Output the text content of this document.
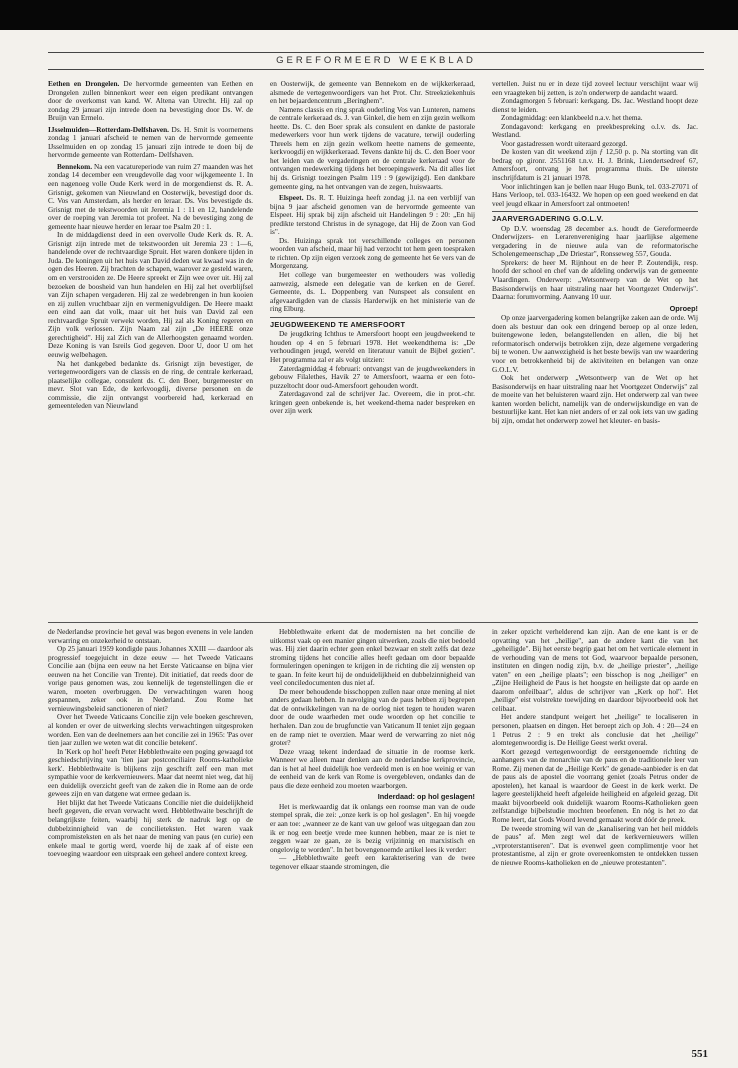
GEREFORMEERD WEEKBLAD

Eethen en Drongelen. De hervormde gemeenten van Eethen en Drongelen zullen binnenkort weer een eigen predikant ontvangen door de overkomst van kand. W. Altena van Utrecht. Hij zal op zondag 29 januari zijn intrede doen na bevestiging door Ds. W. de Bruijn van Ermelo.

IJsselmuiden—Rotterdam-Delfshaven. Ds. H. Smit is voornemens zondag 1 januari afscheid te nemen van de hervormde gemeente IJsselmuiden en op zondag 15 januari zijn intrede te doen bij de hervormde gemeente van Rotterdam- Delfshaven.

Bennekom. Na een vacatureperiode van ruim 27 maanden was het zondag 14 december een vreugdevolle dag voor wijkgemeente 1. In een nagenoeg volle Oude Kerk werd in de morgendienst ds. R. A. Grisnigt, gekomen van Nieuwland en Oosterwijk, bevestigd door ds. C. Vos van Amsterdam, als herder en leraar. Ds. Vos bevestigde ds. Grisnigt met de tekstwoorden uit Jeremia 1 : 11 en 12, handelende over de roeping van Jeremia tot profeet. Na de bevestiging zong de gemeente haar nieuwe herder en leraar toe Psalm 20 : 1.

In de middagdienst deed in een overvolle Oude Kerk ds. R. A. Grisnigt zijn intrede met de tekstwoorden uit Jeremia 23 : 1—6, handelende over de rechtvaardige Spruit. Het waren donkere tijden in Juda. De koningen uit het huis van David deden wat kwaad was in de ogen des Heeren. Zij brachten de schapen, waarover ze gesteld waren, om en verstrooiden ze. De Heere spreekt er Zijn wee over uit. Hij zal bezoeken de boosheid van hun handelen en Hij zal het overblijfsel van Zijn schapen vergaderen. Hij zal ze wedebrengen in hun kooien en zij zullen vruchtbaar zijn en vermenigvuldigen. De Heere maakt een eind aan dat volk, maar uit het huis van David zal een rechtvaardige Spruit verwekt worden, Hij zal als Koning regeren en Zijn volk verlossen. Zijn Naam zal zijn „De HEERE onze gerechtigheid". Hij zal Zich van de Allerhoogsten genaamd worden. Deze Koning is van Isreils God gegeven. Door U, door U om het eeuwig welbehagen.

Na het dankgebed bedankte ds. Grisnigt zijn bevestiger, de vertegenwoordigers van de classis en de ring, de centrale kerkeraad, plaatselijke collegae, consulent ds. C. den Boer, burgemeester en mevr. Slot van Ede, de kerkvoogdij, diverse personen en de commissie, die zijn ontvangst voorbereid had, kerkeraad en gemeenteleden van Nieuwland

en Oosterwijk, de gemeente van Bennekom en de wijkkerkeraad, alsmede de vertegenwoordigers van het Prot. Chr. Streekziekenhuis en het bejaardencentrum „Beringhem".

Namens classis en ring sprak ouderling Vos van Lunteren, namens de centrale kerkeraad ds. J. van Ginkel, die hem en zijn gezin welkom heette. Ds. C. den Boer sprak als consulent en dankte de pastorale medewerkers voor hun werk tijdens de vacature, terwijl ouderling Threels hem en zijn gezin welkom heette namens de gemeente, kerkvoogdij en wijkkerkeraad. Tevens dankte hij ds. C. den Boer voor het leiden van de vergaderingen en de centrale kerkeraad voor de ontvangen medewerking tijdens het beroepingswerk. Na dit alles liet hij ds. Grisnigt toezingen Psalm 119 : 9 (gewijzigd). Een dankbare gemeente ging, na het ontvangen van de zegen, huiswaarts.

Elspeet. Ds. R. T. Huizinga heeft zondag j.l. na een verblijf van bijna 9 jaar afscheid genomen van de hervormde gemeente van Elspeet. Hij sprak bij zijn afscheid uit Handelingen 9 : 20: „En hij predikte terstond Christus in de synagoge, dat Hij de Zoon van God is".

Ds. Huizinga sprak tot verschillende colleges en personen woorden van afscheid, maar hij had verzocht tot hem geen toespraken te richten. Op zijn eigen verzoek zong de gemeente het 6e vers van de Morgenzang.

Het college van burgemeester en wethouders was volledig aanwezig, alsmede een delegatie van de kerken en de Geref. Gemeente, ds. L. Doppenberg van Nunspeet als consulent en afgevaardigden van de classis Harderwijk en het ministerie van de ring Elburg.

JEUGDWEEKEND TE AMERSFOORT

De jeugdkring Ichthus te Amersfoort hoopt een jeugdweekend te houden op 4 en 5 februari 1978. Het weekendthema is: „De verhoudingen jeugd, wereld en literatuur vanuit de Bijbel gezien". Het programma zal er als volgt uitzien:

Zaterdagmiddag 4 februari: ontvangst van de jeugdweekenders in gebouw Filalethes, Havik 27 te Amersfoort, waarna er een foto-puzzeltocht door oud-Amersfoort gehouden wordt.

Zaterdagavond zal de schrijver Jac. Overeem, die in prot.-chr. kringen geen onbekende is, het weekend-thema nader bespreken en over zijn werk

vertellen. Juist nu er in deze tijd zoveel lectuur verschijnt waar wij een vraagteken bij zetten, is zo'n onderwerp de aandacht waard.

Zondagmorgen 5 februari: kerkgang. Ds. Jac. Westland hoopt deze dienst te leiden.

Zondagmiddag: een klankbeeld n.a.v. het thema.

Zondagavond: kerkgang en preekbespreking o.l.v. ds. Jac. Westland.

Voor gastadressen wordt uiteraard gezorgd.

De kosten van dit weekend zijn ƒ 12,50 p. p. Na storting van dit bedrag op gironr. 2551168 t.n.v. H. J. Brink, Liendertsedreef 67, Amersfoort, ontvang je het programma thuis. De uiterste inschrijfdatum is 21 januari 1978.

Voor inlichtingen kan je bellen naar Hugo Bunk, tel. 033-27071 of Hans Verloop, tel. 033-16432. We hopen op een goed weekend en dat veel jeugd elkaar in Amersfoort zal ontmoeten!

JAARVERGADERING G.O.L.V.

Op D.V. woensdag 28 december a.s. houdt de Gereformeerde Onderwijzers- en Lerarenvereniging haar jaarlijkse algemene vergadering in de nieuwe aula van de reformatorische Scholengemeenschap „De Driestar", Ronsseweg 557, Gouda.

Sprekers: de heer M. Rijnhout en de heer P. Zoutendijk, resp. hoofd der school en chef van de afdeling onderwijs van de gemeente Vlaardingen. Onderwerp: „Wetsontwerp van de Wet op het Basisonderwijs en haar uitstraling naar het Voortgezet Onderwijs". Daarna: forumvorming. Aanvang 10 uur.

Oproep!

Op onze jaarvergadering komen belangrijke zaken aan de orde. Wij doen als bestuur dan ook een dringend beroep op al onze leden, buitengewone leden, belangstellenden en allen, die bij het reformatorisch onderwijs betrokken zijn, deze algemene vergadering bij te wonen. Uw aanwezigheid is het beste bewijs van uw waardering voor en betrokkenheid bij de aktiviteiten en belangen van onze G.O.L.V.

Ook het onderwerp „Wetsontwerp van de Wet op het Basisonderwijs en haar uitstraling naar het Voortgezet Onderwijs" zal de moeite van het beluisteren waard zijn. Het onderwerp zal van twee kanten worden belicht, namelijk van de onderwijskundige en van de bestuurlijke kant. Het kan niet anders of er zal ook iets van uw gading bij zijn, omdat het onderwerp zowel het kleuter- en basis-

de Nederlandse provincie het geval was begon evenens in vele landen verwarring en onzekerheid te ontstaan.

Op 25 januari 1959 kondigde paus Johannes XXIII — daardoor als progressief toegejuicht in deze eeuw — het Tweede Vaticaans Concilie aan (bijna een eeuw na het Eerste Vaticaanse en bijna vier eeuwen na het Concilie van Trente). Dit initiatief, dat reeds door de vorige paus genomen was, zou kennelijk de tegenstellingen die er waren, moeten overbruggen. De verwachtingen waren hoog gespannen, zeker ook in Nederland. Zou Rome het vernieuwingsbeleid sanctioneren of niet?

Over het Tweede Vaticaans Concilie zijn vele boeken geschreven, al konden er over de uitwerking slechts verwachtingen uitgesproken worden. Een van de deelnemers aan het concilie zei in 1965: 'Pas over tien jaar zullen we weten wat dit concilie betekent'.

In 'Kerk op hol' heeft Peter Hebblethwaite een poging gewaagd tot geschiedschrijving van 'tien jaar postconciliaire Rooms-katholieke kerk'. Hebblethwaite is blijkens zijn geschrift zelf een man met sympathie voor de kerkvernieuwers. Maar dat neemt niet weg, dat hij een duidelijk overzicht geeft van de zaken die in Rome aan de orde gewees zijn en van datgene wat ermee gedaan is.

Het blijkt dat het Tweede Vaticaans Concilie niet die duidelijkheid heeft gegeven, die ervan verwacht werd. Hebblethwaite beschrijft de belangrijkste feiten, waarbij hij sterk de nadruk legt op de dubbelzinnigheid van de concilieteksten. Het waren vaak compromisteksten en als het naar de mening van paus (en curie) een enkele maal te gortig werd, voerde hij de zaak af of eiste een toevoeging waardoor een uitspraak een geheel andere context kreeg.

Hebblethwaite erkent dat de modernisten na het concilie de uitkomst vaak op een manier gingen uitwerken, zoals die niet bedoeld was. Hij ziet daarin echter geen enkel bezwaar en stelt zelfs dat deze stroming tijdens het concilie alles heeft gedaan om door bepaalde formuleringen openingen te krijgen in de richting die zij wensten op te gaan. In feite keurt hij de onduidelijkheid en dubbelzinnigheid van veel conciledocumenten dus niet af.

De meer behoudende bisschoppen zullen naar onze mening al niet anders gedaan hebben. In navolging van de paus hebben zij begrepen dat de ontwikkelingen van na de oorlog niet tegen te houden waren door de oude waarheden met oude woorden op het concilie te herhalen. Dan zou de brugfunctie van Vaticanum II teniet zijn gegaan en de ramp niet te overzien. Maar werd de verwarring zo niet nóg groter?

Deze vraag tekent inderdaad de situatie in de roomse kerk. Wanneer we alleen maar denken aan de nederlandse kerkprovincie, dan is het al heel duidelijk hoe verdeeld men is en hoe weinig er van de eenheid van de kerk van Rome is overgebleven, ondanks dan de paus die deze eenheid zou moeten waarborgen.

Inderdaad: op hol geslagen!

Het is merkwaardig dat ik onlangs een roomse man van de oude stempel sprak, die zei: „onze kerk is op hol geslagen". En hij voegde er aan toe: „wanneer ze de kant van uw geloof was uitgegaan dan zou ik er nog een beetje vrede mee kunnen hebben, maar ze is niet te zeggen waar ze gaan, ze is bezig vrijzinnig en marxistisch en ongelovig te worden". In het bovengenoemde artikel lees ik verder:

— „Hebblethwaite geeft een karakterisering van de twee tegenover elkaar staande stromingen, die

in zeker opzicht verhelderend kan zijn. Aan de ene kant is er de opvatting van het „heilige", aan de andere kant die van het „geheiligde". Bij het eerste begrip gaat het om het verticale element in de verhouding van de mens tot God, waarvoor bepaalde personen, instituten en dingen nodig zijn, b.v. de „heilige priester", „heilige vaten" en een „heilige plaats"; een bisschop is nog „heiliger" en „Zijne Heiligheid de Paus is het hoogste en heiligste dat op aarde en daarom onfeilbaar", aldus de schrijver van „Kerk op hol". Het „heilige" eist volstrekte toewijding en daardoor bijvoorbeeld ook het celibaat.

Het andere standpunt weigert het „heilige" te localiseren in personen, plaatsen en dingen. Het beroept zich op Joh. 4 : 20—24 en 1 Petrus 2 : 9 en trekt als conclusie dat het „heilige" alomtegenwoordig is. De Heilige Geest werkt overal.

Kort gezegd vertegenwoordigt de eerstgenoemde richting de aanhangers van de monarchie van de paus en de traditionele leer van Rome. Zij menen dat de „Heilige Kerk" de genade-aanbieder is en dat de paus als de apostel die voorrang geniet (zoals Petrus onder de apostelen), het kanaal is waardoor de Geest in de kerk werkt. De lagere geestelijkheid heeft afgeleide heiligheid en afgeleid gezag. Dit maakt bijvoorbeeld ook duidelijk waarom Rooms-Katholieken geen zelfstandige bijbelstudie mochten beoefenen. En nóg is het zo dat Rome leert, dat Gods Woord levend gemaakt wordt dóór de preek.

De tweede stroming wil van de „kanalisering van het heil middels de paus" af. Men zegt wel dat de kerkvernieuwers willen „vrproterstantiseren". Dat is evenwel geen complimentje voor het protestantisme, al zijn er grote overeenkomsten te ontdekken tussen de nieuwe Rooms-katholieken en de „nieuwe protestanten".

551
